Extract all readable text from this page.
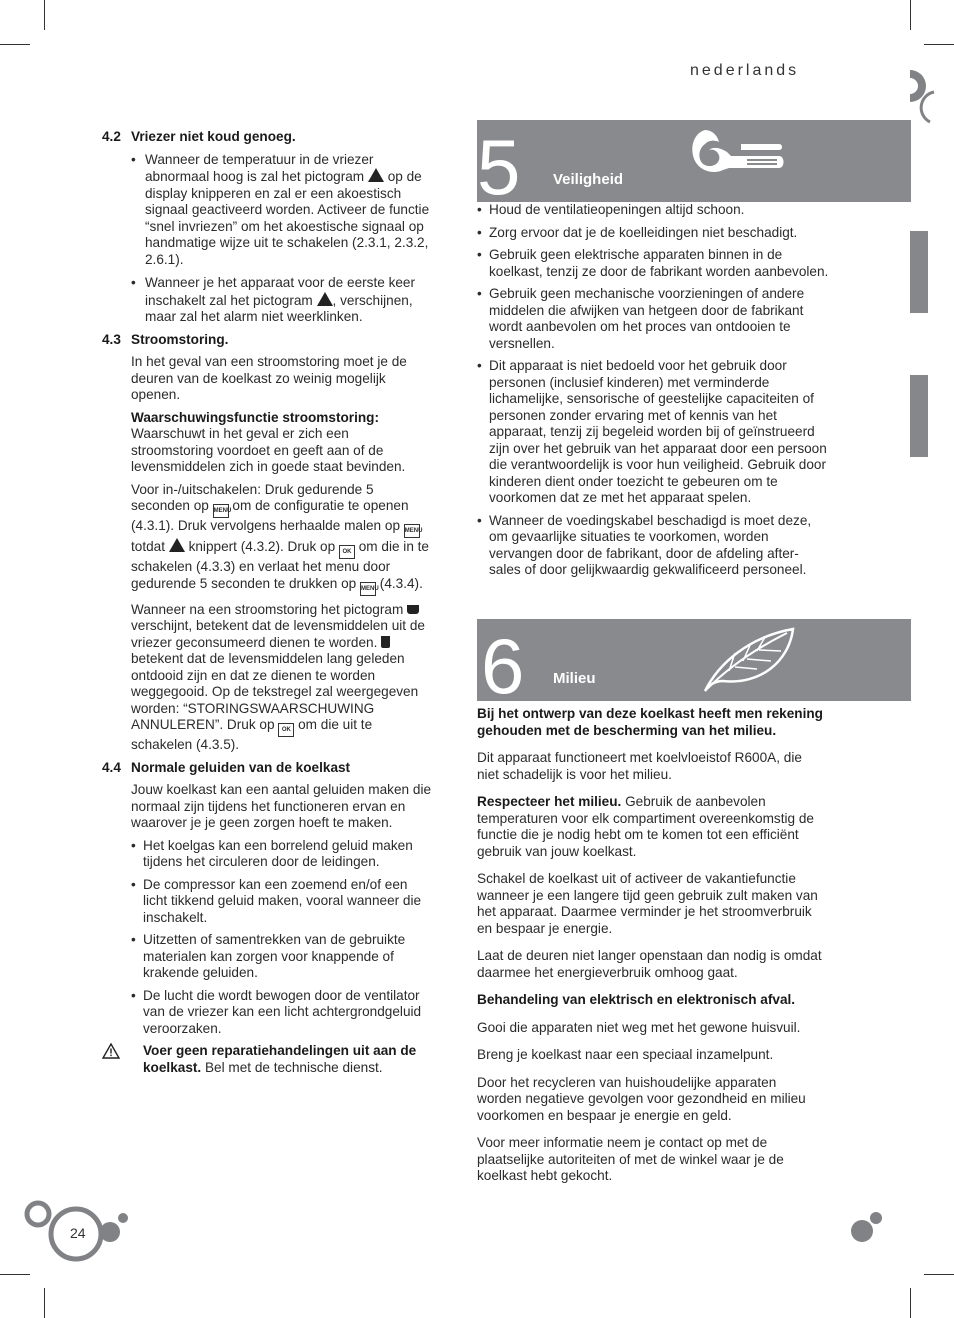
nederlands

4.2 Vriezer niet koud genoeg.

• Wanneer de temperatuur in de vriezer abnormaal hoog is zal het pictogram op de display knipperen en zal er een akoestisch signaal geactiveerd worden. Activeer de functie “snel invriezen” om het akoestische signaal op handmatige wijze uit te schakelen (2.3.1, 2.3.2, 2.6.1).

• Wanneer je het apparaat voor de eerste keer inschakelt zal het pictogram , verschijnen, maar zal het alarm niet weerklinken.

4.3 Stroomstoring.

In het geval van een stroomstoring moet je de deuren van de koelkast zo weinig mogelijk openen.

Waarschuwingsfunctie stroomstoring:

Waarschuwt in het geval er zich een stroomstoring voordoet en geeft aan of de levensmiddelen zich in goede staat bevinden.

Voor in-/uitschakelen: Druk gedurende 5 seconden op MENU om de configuratie te openen (4.3.1). Druk vervolgens herhaalde malen op MENU totdat knippert (4.3.2). Druk op OK om die in te schakelen (4.3.3) en verlaat het menu door gedurende 5 seconden te drukken op MENU (4.3.4).

Wanneer na een stroomstoring het pictogram  verschijnt, betekent dat de levensmiddelen uit de vriezer geconsumeerd dienen te worden.  betekent dat de levensmiddelen lang geleden ontdooid zijn en dat ze dienen te worden weggegooid. Op de tekstregel zal weergegeven worden: “STORINGSWAARSCHUWING ANNULEREN”. Druk op OK om die uit te schakelen (4.3.5).

4.4 Normale geluiden van de koelkast

Jouw koelkast kan een aantal geluiden maken die normaal zijn tijdens het functioneren ervan en waarover je je geen zorgen hoeft te maken.

• Het koelgas kan een borrelend geluid maken tijdens het circuleren door de leidingen.

• De compressor kan een zoemend en/of een licht tikkend geluid maken, vooral wanneer die inschakelt.

• Uitzetten of samentrekken van de gebruikte materialen kan zorgen voor knappende of krakende geluiden.

• De lucht die wordt bewogen door de ventilator van de vriezer kan een licht achtergrondgeluid veroorzaken.

Voer geen reparatiehandelingen uit aan de koelkast. Bel met de technische dienst.

5 Veiligheid

• Houd de ventilatieopeningen altijd schoon.

• Zorg ervoor dat je de koelleidingen niet beschadigt.

• Gebruik geen elektrische apparaten binnen in de koelkast, tenzij ze door de fabrikant worden aanbevolen.

• Gebruik geen mechanische voorzieningen of andere middelen die afwijken van hetgeen door de fabrikant wordt aanbevolen om het proces van ontdooien te versnellen.

• Dit apparaat is niet bedoeld voor het gebruik door personen (inclusief kinderen) met verminderde lichamelijke, sensorische of geestelijke capaciteiten of personen zonder ervaring met of kennis van het apparaat, tenzij zij begeleid worden bij of geïnstrueerd zijn over het gebruik van het apparaat door een persoon die verantwoordelijk is voor hun veiligheid. Gebruik door kinderen dient onder toezicht te gebeuren om te voorkomen dat ze met het apparaat spelen.

• Wanneer de voedingskabel beschadigd is moet deze, om gevaarlijke situaties te voorkomen, worden vervangen door de fabrikant, door de afdeling after-sales of door gelijkwaardig gekwalificeerd personeel.

6 Milieu

Bij het ontwerp van deze koelkast heeft men rekening gehouden met de bescherming van het milieu.

Dit apparaat functioneert met koelvloeistof R600A, die niet schadelijk is voor het milieu.

Respecteer het milieu. Gebruik de aanbevolen temperaturen voor elk compartiment overeenkomstig de functie die je nodig hebt om te komen tot een efficiënt gebruik van jouw koelkast.

Schakel de koelkast uit of activeer de vakantiefunctie wanneer je een langere tijd geen gebruik zult maken van het apparaat. Daarmee verminder je het stroomverbruik en bespaar je energie.

Laat de deuren niet langer openstaan dan nodig is omdat daarmee het energieverbruik omhoog gaat.

Behandeling van elektrisch en elektronisch afval.

Gooi die apparaten niet weg met het gewone huisvuil.

Breng je koelkast naar een speciaal inzamelpunt.

Door het recycleren van huishoudelijke apparaten worden negatieve gevolgen voor gezondheid en milieu voorkomen en bespaar je energie en geld.

Voor meer informatie neem je contact op met de plaatselijke autoriteiten of met de winkel waar je de koelkast hebt gekocht.

24
